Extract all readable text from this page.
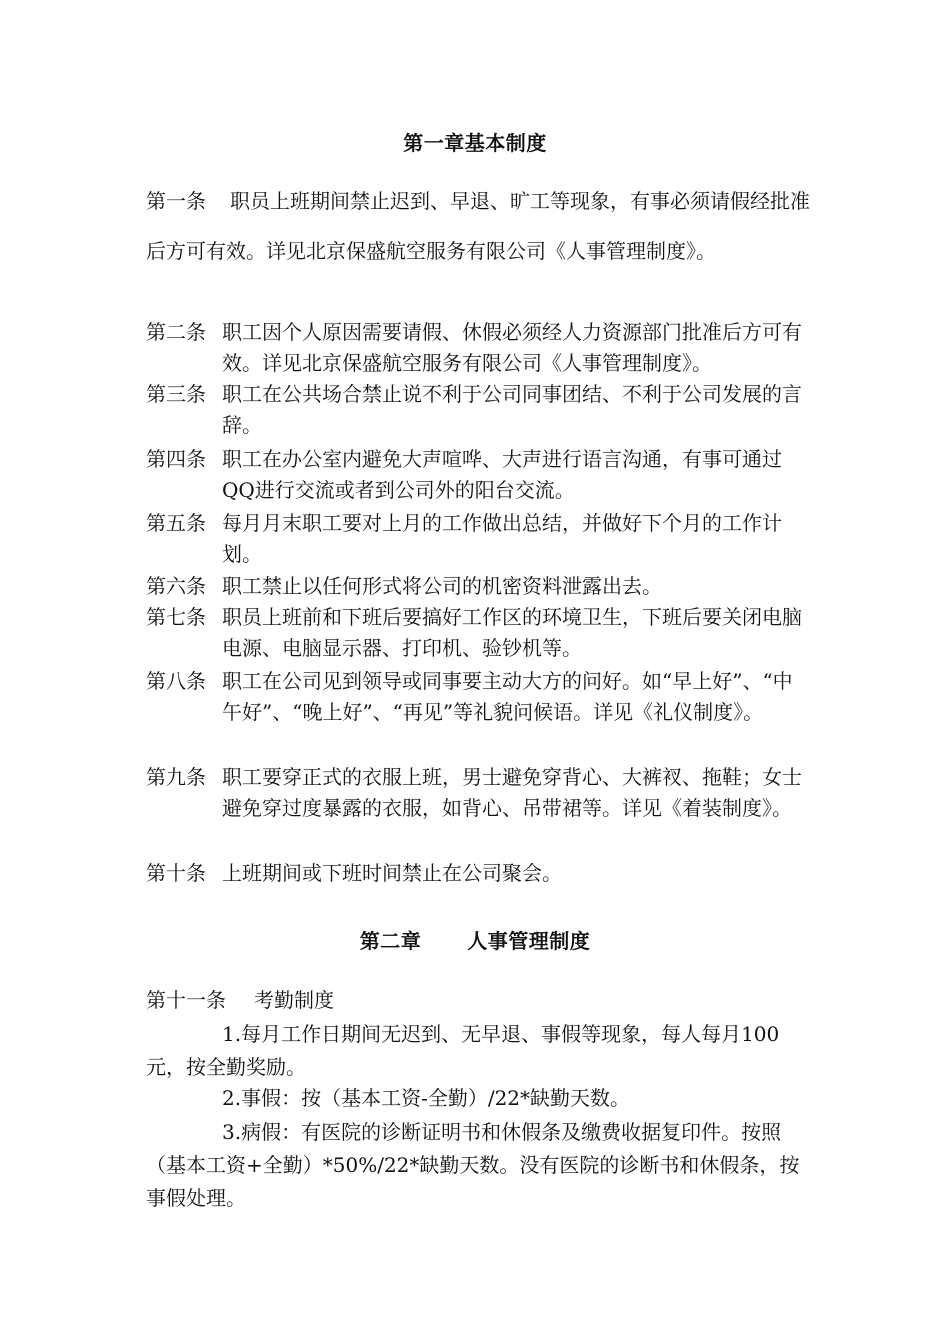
第一章基本制度
第一条 职员上班期间禁止迟到、早退、旷工等现象，有事必须请假经批准后方可有效。详见北京保盛航空服务有限公司《人事管理制度》。
第二条 职工因个人原因需要请假、休假必须经人力资源部门批准后方可有效。详见北京保盛航空服务有限公司《人事管理制度》。
第三条 职工在公共场合禁止说不利于公司同事团结、不利于公司发展的言辞。
第四条 职工在办公室内避免大声喧哗、大声进行语言沟通，有事可通过QQ进行交流或者到公司外的阳台交流。
第五条 每月月末职工要对上月的工作做出总结，并做好下个月的工作计划。
第六条 职工禁止以任何形式将公司的机密资料泄露出去。
第七条 职员上班前和下班后要搞好工作区的环境卫生，下班后要关闭电脑电源、电脑显示器、打印机、验钞机等。
第八条 职工在公司见到领导或同事要主动大方的问好。如“早上好”、“中午好”、“晚上好”、“再见”等礼貌问候语。详见《礼仪制度》。
第九条 职工要穿正式的衣服上班，男士避免穿背心、大裤衩、拖鞋；女士避免穿过度暴露的衣服，如背心、吊带裙等。详见《着装制度》。
第十条 上班期间或下班时间禁止在公司聚会。
第二章 人事管理制度
第十一条 考勤制度
1.每月工作日期间无迟到、无早退、事假等现象，每人每月100元，按全勤奖励。
2.事假：按（基本工资-全勤）/22*缺勤天数。
3.病假：有医院的诊断证明书和休假条及缴费收据复印件。按照（基本工资+全勤）*50%/22*缺勤天数。没有医院的诊断书和休假条，按事假处理。
